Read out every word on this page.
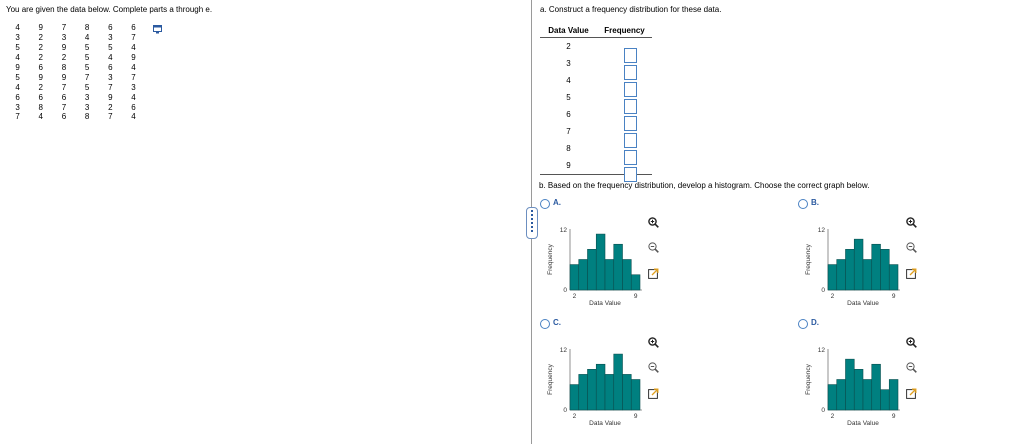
You are given the data below. Complete parts a through e.
4	9	7	8	6	6
3	2	3	4	3	7
5	2	9	5	5	4
4	2	2	5	4	9
9	6	8	5	6	4
5	9	9	7	3	7
4	2	7	5	7	3
6	6	6	3	9	4
3	8	7	3	2	6
7	4	6	8	7	4
a. Construct a frequency distribution for these data.
Data Value	Frequency
2
3
4
5
6
7
8
9
b. Based on the frequency distribution, develop a histogram. Choose the correct graph below.
A.
12
0
Frequency
2	9
Data Value
B.
12
0
Frequency
2	9
Data Value
C.
12
0
Frequency
2	9
Data Value
D.
12
0
Frequency
2	9
Data Value
